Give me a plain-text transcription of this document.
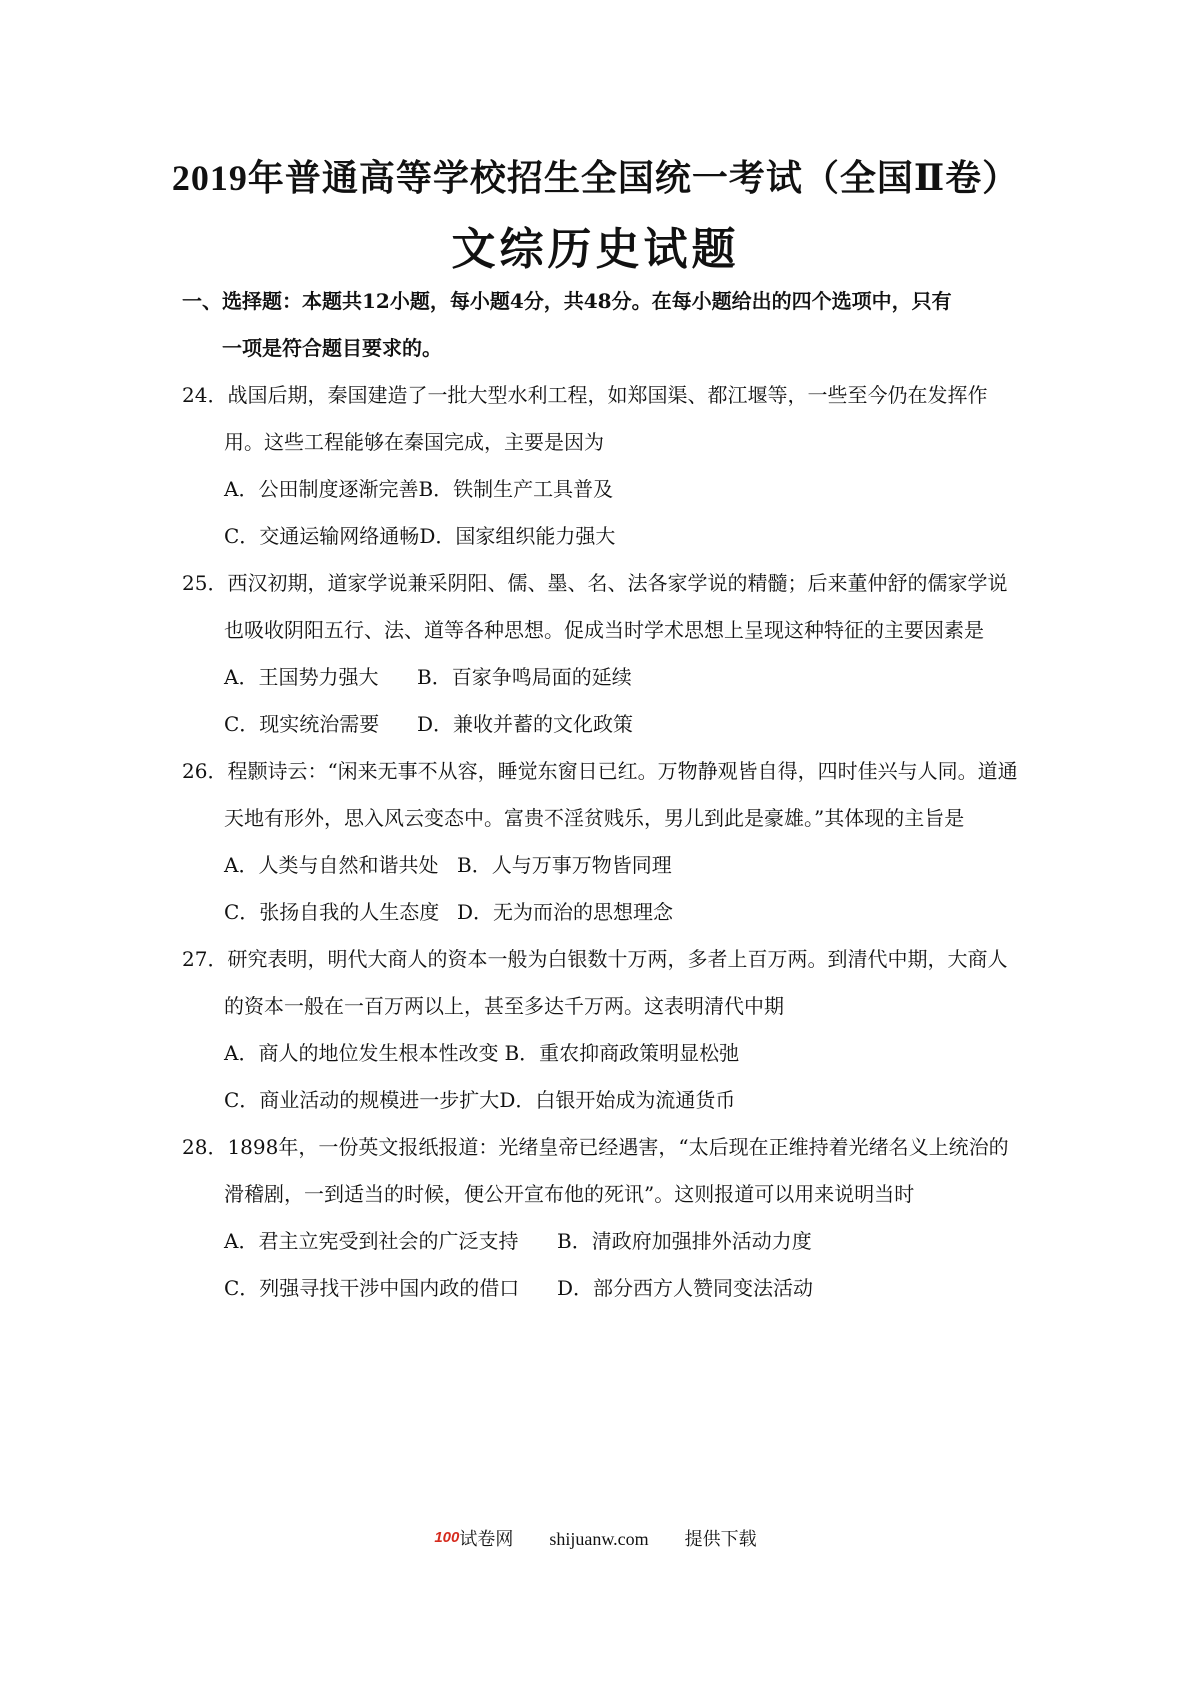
2019年普通高等学校招生全国统一考试（全国Ⅱ卷）
文综历史试题
一、选择题：本题共12小题，每小题4分，共48分。在每小题给出的四个选项中，只有
一项是符合题目要求的。

24．战国后期，秦国建造了一批大型水利工程，如郑国渠、都江堰等，一些至今仍在发挥作用。这些工程能够在秦国完成，主要是因为

A．公田制度逐渐完善 B．铁制生产工具普及
C．交通运输网络通畅 D．国家组织能力强大

25．西汉初期，道家学说兼采阴阳、儒、墨、名、法各家学说的精髓；后来董仲舒的儒家学说也吸收阴阳五行、法、道等各种思想。促成当时学术思想上呈现这种特征的主要因素是

A．王国势力强大	B．百家争鸣局面的延续
C．现实统治需要	D．兼收并蓄的文化政策

26．程颢诗云：“闲来无事不从容，睡觉东窗日已红。万物静观皆自得，四时佳兴与人同。道通天地有形外，思入风云变态中。富贵不淫贫贱乐，男儿到此是豪雄。”其体现的主旨是

A．人类与自然和谐共处 B．人与万事万物皆同理
C．张扬自我的人生态度 D．无为而治的思想理念

27．研究表明，明代大商人的资本一般为白银数十万两，多者上百万两。到清代中期，大商人的资本一般在一百万两以上，甚至多达千万两。这表明清代中期

A．商人的地位发生根本性改变 B．重农抑商政策明显松弛
C．商业活动的规模进一步扩大 D．白银开始成为流通货币

28．1898年，一份英文报纸报道：光绪皇帝已经遇害，“太后现在正维持着光绪名义上统治的滑稽剧，一到适当的时候，便公开宣布他的死讯”。这则报道可以用来说明当时

A．君主立宪受到社会的广泛支持	B．清政府加强排外活动力度
C．列强寻找干涉中国内政的借口	D．部分西方人赞同变法活动
100试卷网 shijuanw.com 提供下载
